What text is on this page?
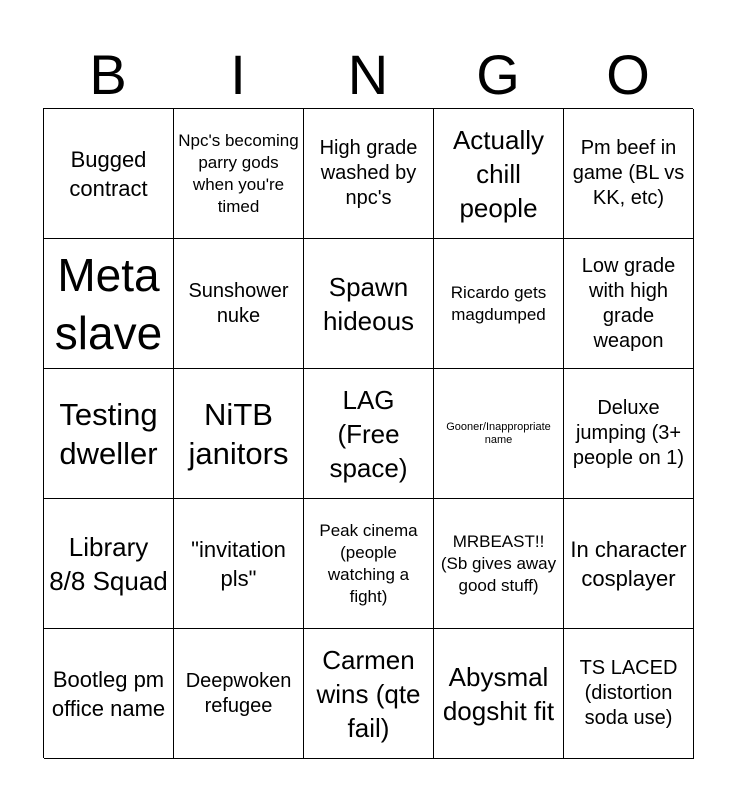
B	I	N	G	O
Bugged contract
Npc's becoming parry gods when you're timed
High grade washed by npc's
Actually chill people
Pm beef in game (BL vs KK, etc)
Meta slave
Sunshower nuke
Spawn hideous
Ricardo gets magdumped
Low grade with high grade weapon
Testing dweller
NiTB janitors
LAG (Free space)
Gooner/Inappropriate name
Deluxe jumping (3+ people on 1)
Library 8/8 Squad
"invitation pls"
Peak cinema (people watching a fight)
MRBEAST!! (Sb gives away good stuff)
In character cosplayer
Bootleg pm office name
Deepwoken refugee
Carmen wins (qte fail)
Abysmal dogshit fit
TS LACED (distortion soda use)
